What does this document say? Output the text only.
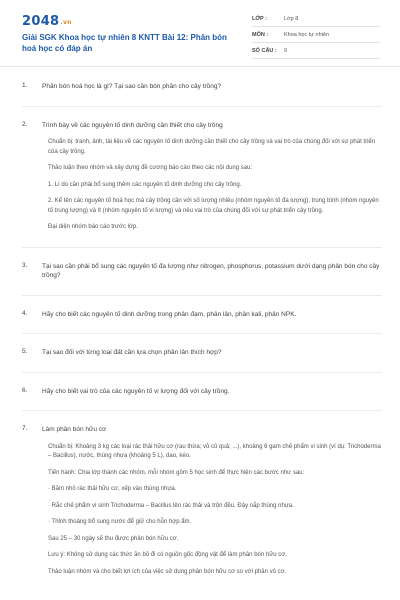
2048.vn
Giải SGK Khoa học tự nhiên 8 KNTT Bài 12: Phân bón hoá học có đáp án
LỚP :	Lớp 8
MÔN :	Khoa học tự nhiên
SỐ CÂU : 9
1. Phân bón hoá học là gì? Tại sao cần bón phân cho cây trồng?
2. Trình bày về các nguyên tố dinh dưỡng cần thiết cho cây trồng

Chuẩn bị: tranh, ảnh, tài liệu về các nguyên tố dinh dưỡng cần thiết cho cây trồng và vai trò của chúng đối với sự phát triển của cây trồng.

Thảo luận theo nhóm và xây dựng đề cương báo cáo theo các nội dung sau:

1. Lí do cần phải bổ sung thêm các nguyên tố dinh dưỡng cho cây trồng.

2. Kể tên các nguyên tố hoá học mà cây trồng cần với số lượng nhiều (nhóm nguyên tố đa lượng), trung bình (nhóm nguyên tố trung lượng) và ít (nhóm nguyên tố vi lượng) và nêu vai trò của chúng đối với sự phát triển cây trồng.

Đại diện nhóm báo cáo trước lớp.

3. Tại sao cần phải bổ sung các nguyên tố đa lượng như nitrogen, phosphorus, potassium dưới dạng phân bón cho cây trồng?
4. Hãy cho biết các nguyên tố dinh dưỡng trong phân đạm, phân lân, phân kali, phân NPK.
5. Tại sao đối với từng loại đất cần lựa chọn phân lân thích hợp?
6. Hãy cho biết vai trò của các nguyên tố vi lượng đối với cây trồng.
7. Làm phân bón hữu cơ

Chuẩn bị: Khoảng 3 kg các loại rác thải hữu cơ (rau thừa; vỏ củ quả; ...), khoảng 6 gam chế phẩm vi sinh (ví dụ: Trichoderma – Bacillus), nước, thùng nhựa (khoảng 5 L), dao, kéo.

Tiến hành: Chia lớp thành các nhóm, mỗi nhóm gồm 5 học sinh để thực hiện các bước như sau:

· Băm nhỏ rác thải hữu cơ, xếp vào thùng nhựa.

· Rắc chế phẩm vi sinh Trichoderma – Bacillus lên rác thải và trộn đều. Đậy nắp thùng nhựa.

· Thỉnh thoảng bổ sung nước để giữ cho hỗn hợp ẩm.

Sau 25 – 30 ngày sẽ thu được phân bón hữu cơ.

Lưu ý: Không sử dụng các thức ăn bỏ đi có nguồn gốc động vật để làm phân bón hữu cơ.

Thảo luận nhóm và cho biết lợi ích của việc sử dụng phân bón hữu cơ so với phân vô cơ.
